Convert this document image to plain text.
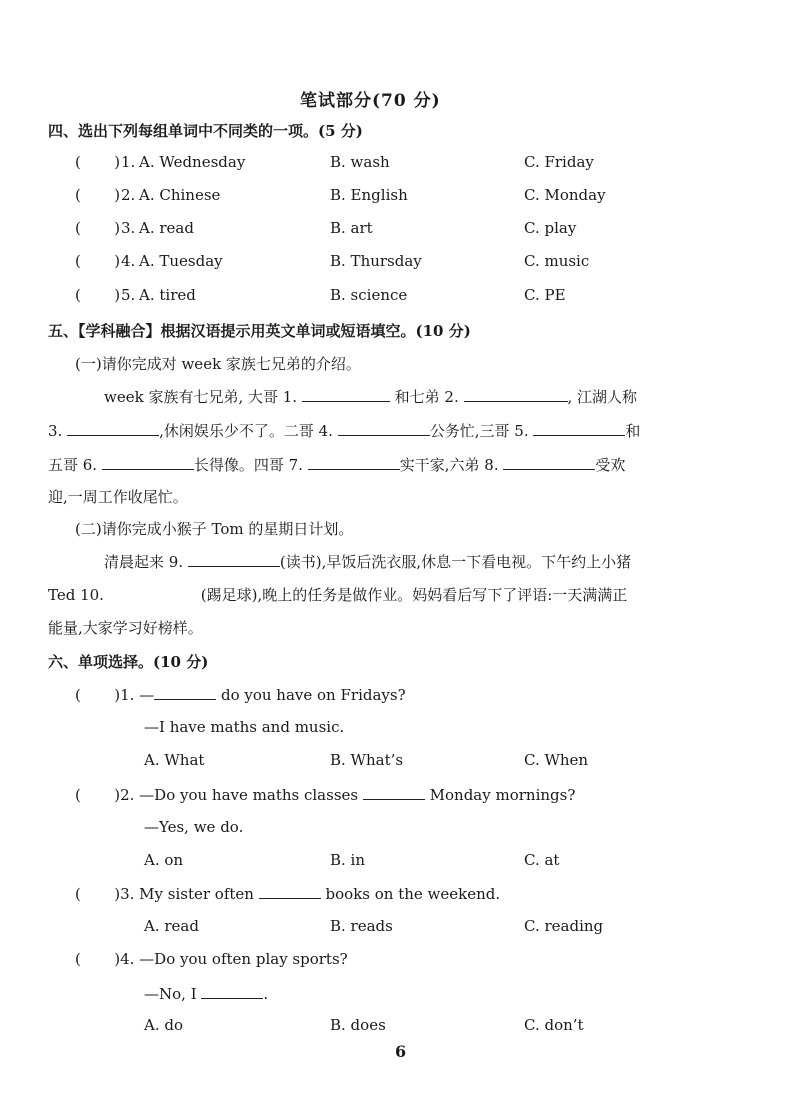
笔试部分(70 分)
四、选出下列每组单词中不同类的一项。(5 分)
(       ) 1. A. Wednesday	B. wash	C. Friday
(       ) 2. A. Chinese	B. English	C. Monday
(       ) 3. A. read	B. art	C. play
(       ) 4. A. Tuesday	B. Thursday	C. music
(       ) 5. A. tired	B. science	C. PE
五、【学科融合】根据汉语提示用英文单词或短语填空。(10 分)
(一)请你完成对 week 家族七兄弟的介绍。
week 家族有七兄弟, 大哥 1.	和七弟 2.	, 江湖人称
3.	,休闲娱乐少不了。二哥 4.	公务忙,三哥 5.	和
五哥 6.	长得像。四哥 7.	实干家,六弟 8.	受欢
迎,一周工作收尾忙。
(二)请你完成小猴子 Tom 的星期日计划。
清晨起来 9.	(读书),早饭后洗衣服,休息一下看电视。下午约上小猪
Ted 10.	(踢足球),晚上的任务是做作业。妈妈看后写下了评语:一天满满正
能量,大家学习好榜样。
六、单项选择。(10 分)
(       )1. —	do you have on Fridays?
—I have maths and music.
A. What	B. What’s	C. When
(       )2. —Do you have maths classes	Monday mornings?
—Yes, we do.
A. on	B. in	C. at
(       )3. My sister often	books on the weekend.
A. read	B. reads	C. reading
(       )4. —Do you often play sports?
—No, I	.
A. do	B. does	C. don’t
6
